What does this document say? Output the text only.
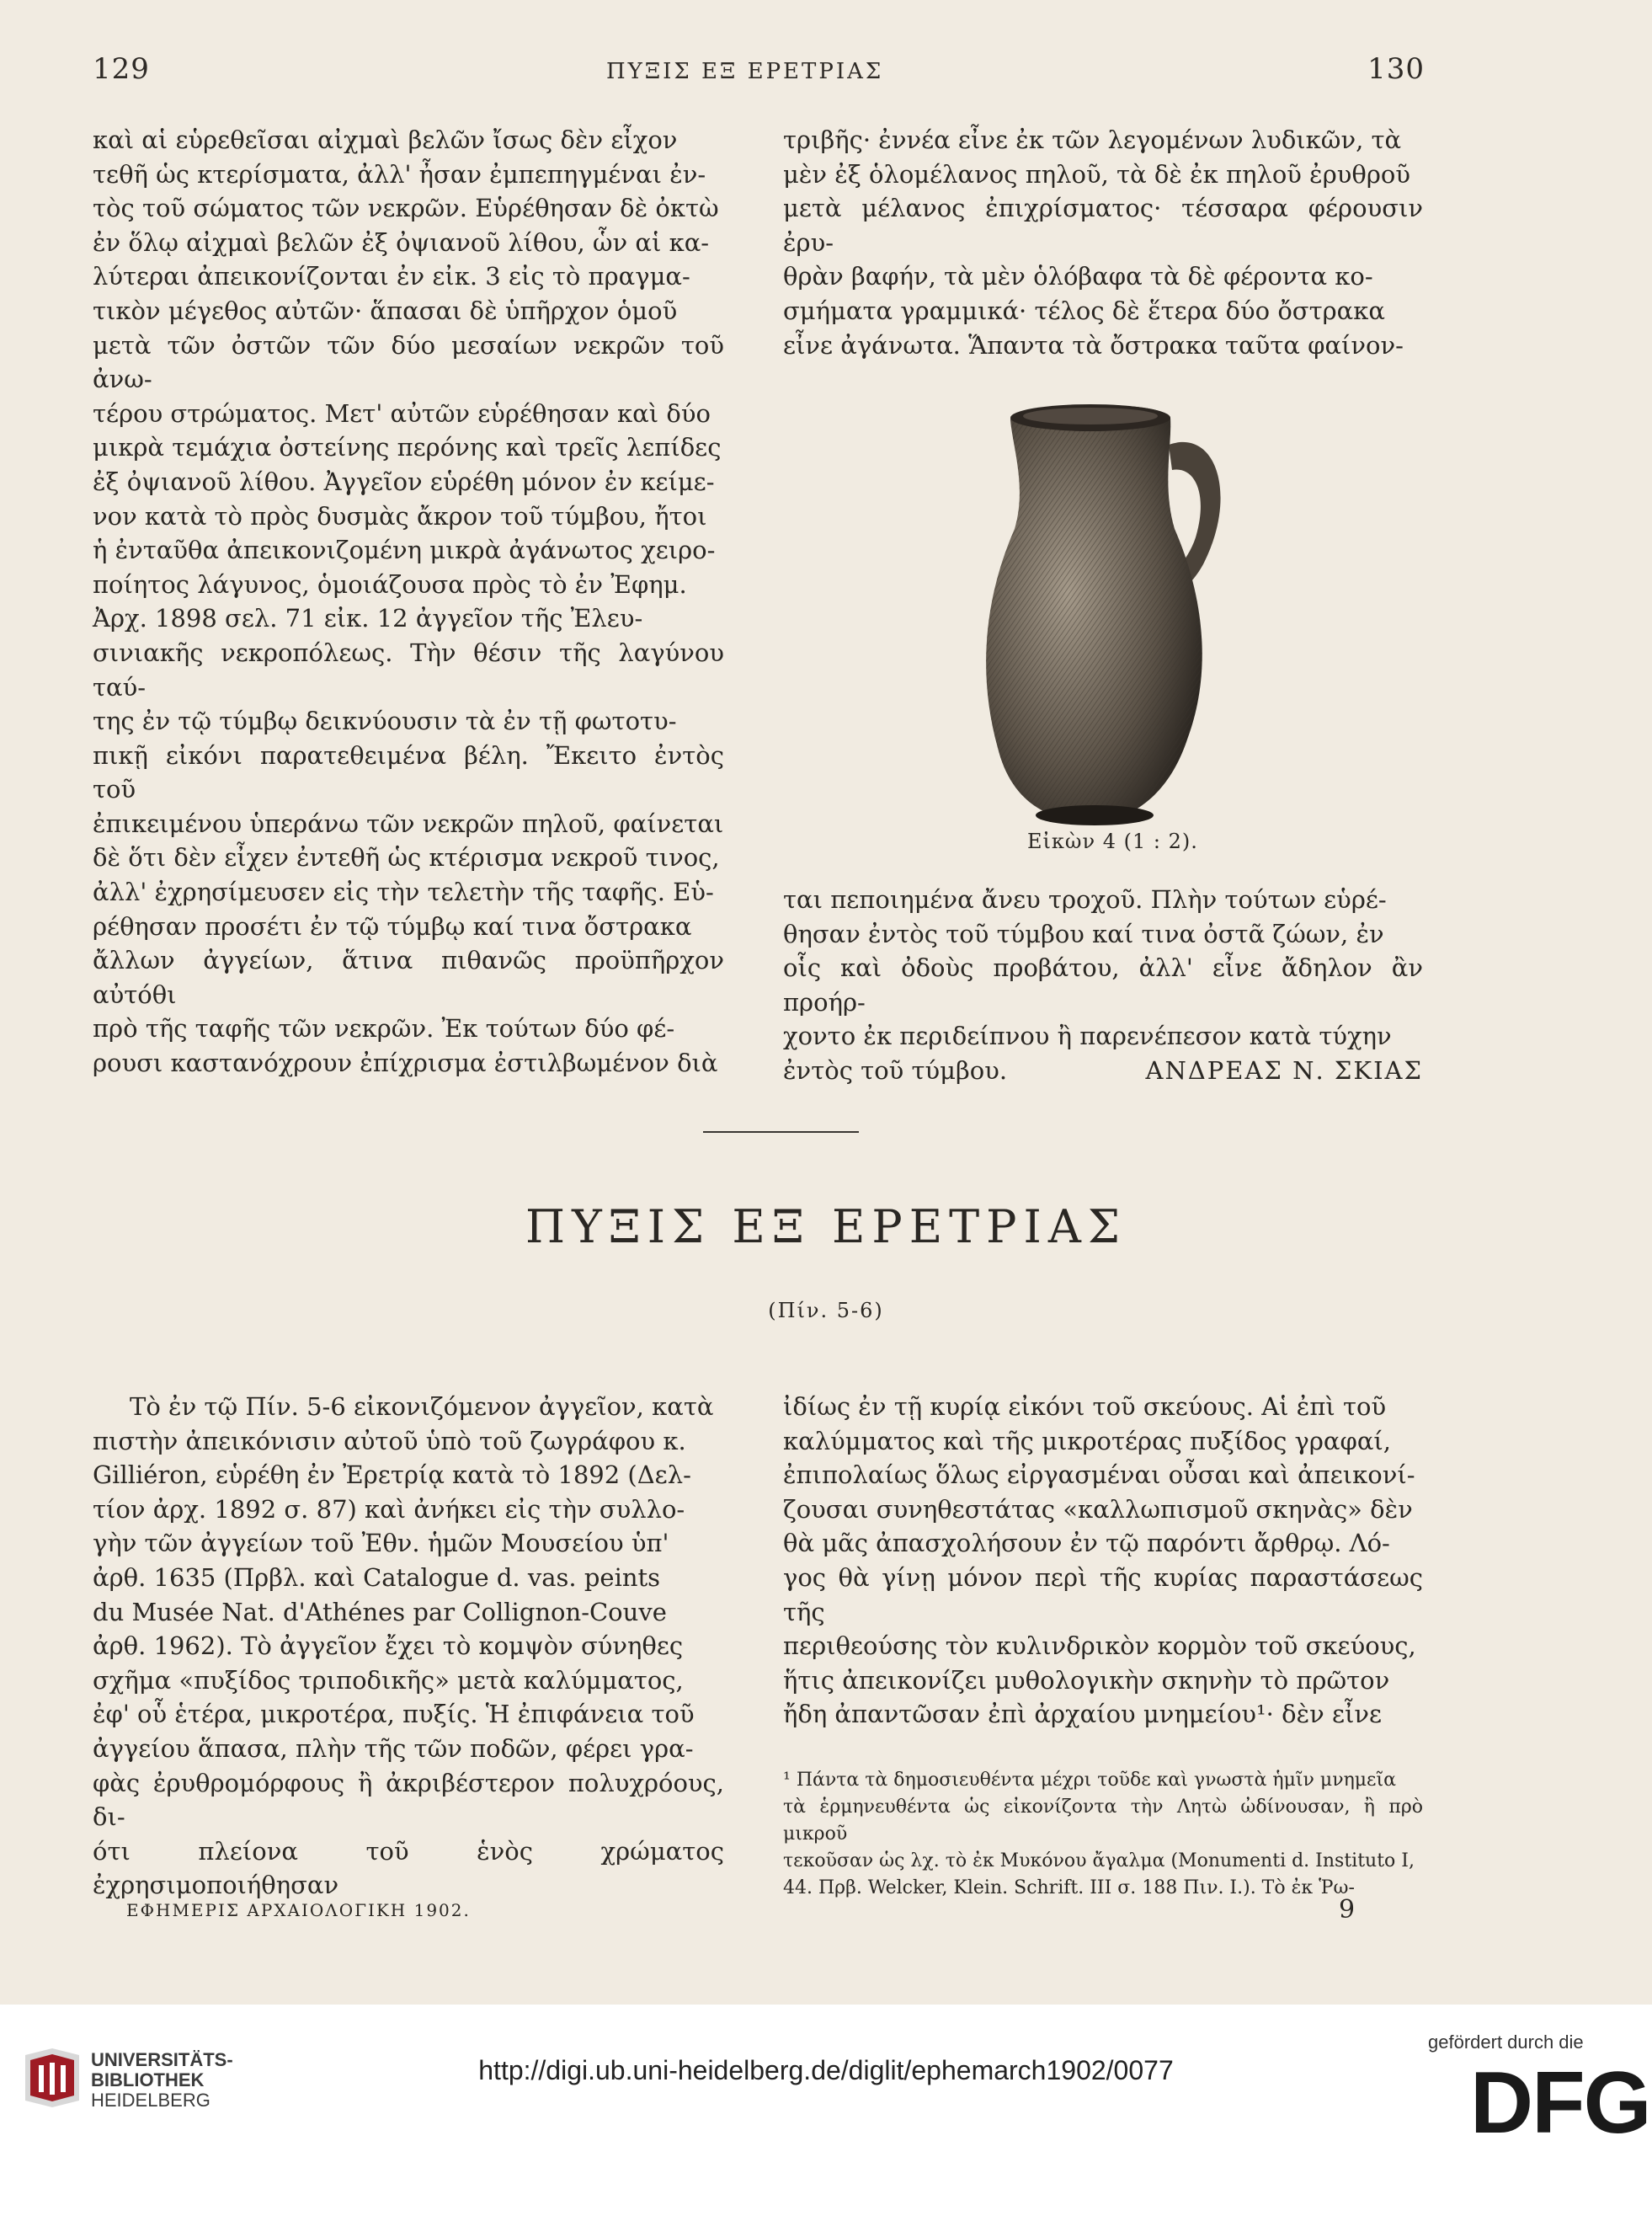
129	ΠΥΞΙΣ ΕΞ ΕΡΕΤΡΙΑΣ	130

καὶ αἱ εὑρεθεῖσαι αἰχμαὶ βελῶν ἴσως δὲν εἶχον

τεθῆ ὡς κτερίσματα, ἀλλ' ἦσαν ἐμπεπηγμέναι ἐν-

τὸς τοῦ σώματος τῶν νεκρῶν. Εὑρέθησαν δὲ ὀκτὼ

ἐν ὅλῳ αἰχμαὶ βελῶν ἐξ ὀψιανοῦ λίθου, ὧν αἱ κα-

λύτεραι ἀπεικονίζονται ἐν εἰκ. 3 εἰς τὸ πραγμα-

τικὸν μέγεθος αὐτῶν· ἅπασαι δὲ ὑπῆρχον ὁμοῦ

μετὰ τῶν ὀστῶν τῶν δύο μεσαίων νεκρῶν τοῦ ἀνω-

τέρου στρώματος. Μετ' αὐτῶν εὑρέθησαν καὶ δύο

μικρὰ τεμάχια ὀστείνης περόνης καὶ τρεῖς λεπίδες

ἐξ ὀψιανοῦ λίθου. Ἀγγεῖον εὑρέθη μόνον ἐν κείμε-

νον κατὰ τὸ πρὸς δυσμὰς ἄκρον τοῦ τύμβου, ἤτοι

ἡ ἐνταῦθα ἀπεικονιζομένη μικρὰ ἀγάνωτος χειρο-

ποίητος λάγυνος, ὁμοιάζουσα πρὸς τὸ ἐν Ἐφημ.

Ἀρχ. 1898 σελ. 71 εἰκ. 12 ἀγγεῖον τῆς Ἐλευ-

σινιακῆς νεκροπόλεως. Τὴν θέσιν τῆς λαγύνου ταύ-

της ἐν τῷ τύμβῳ δεικνύουσιν τὰ ἐν τῇ φωτοτυ-

πικῇ εἰκόνι παρατεθειμένα βέλη. Ἔκειτο ἐντὸς τοῦ

ἐπικειμένου ὑπεράνω τῶν νεκρῶν πηλοῦ, φαίνεται

δὲ ὅτι δὲν εἶχεν ἐντεθῆ ὡς κτέρισμα νεκροῦ τινος,

ἀλλ' ἐχρησίμευσεν εἰς τὴν τελετὴν τῆς ταφῆς. Εὑ-

ρέθησαν προσέτι ἐν τῷ τύμβῳ καί τινα ὄστρακα

ἄλλων ἀγγείων, ἅτινα πιθανῶς προϋπῆρχον αὐτόθι

πρὸ τῆς ταφῆς τῶν νεκρῶν. Ἐκ τούτων δύο φέ-

ρουσι καστανόχρουν ἐπίχρισμα ἐστιλβωμένον διὰ

τριβῆς· ἐννέα εἶνε ἐκ τῶν λεγομένων λυδικῶν, τὰ

μὲν ἐξ ὁλομέλανος πηλοῦ, τὰ δὲ ἐκ πηλοῦ ἐρυθροῦ

μετὰ μέλανος ἐπιχρίσματος· τέσσαρα φέρουσιν ἐρυ-

θρὰν βαφήν, τὰ μὲν ὁλόβαφα τὰ δὲ φέροντα κο-

σμήματα γραμμικά· τέλος δὲ ἕτερα δύο ὄστρακα

εἶνε ἀγάνωτα. Ἅπαντα τὰ ὄστρακα ταῦτα φαίνον-

Εἰκὼν 4 (1 : 2).

ται πεποιημένα ἄνευ τροχοῦ. Πλὴν τούτων εὑρέ-

θησαν ἐντὸς τοῦ τύμβου καί τινα ὀστᾶ ζώων, ἐν

οἷς καὶ ὀδοὺς προβάτου, ἀλλ' εἶνε ἄδηλον ἂν προήρ-

χοντο ἐκ περιδείπνου ἢ παρενέπεσον κατὰ τύχην

ἐντὸς τοῦ τύμβου.	ΑΝΔΡΕΑΣ Ν. ΣΚΙΑΣ

ΠΥΞΙΣ ΕΞ ΕΡΕΤΡΙΑΣ
(Πίν. 5-6)

Τὸ ἐν τῷ Πίν. 5-6 εἰκονιζόμενον ἀγγεῖον, κατὰ

πιστὴν ἀπεικόνισιν αὐτοῦ ὑπὸ τοῦ ζωγράφου κ.

Gilliéron, εὑρέθη ἐν Ἐρετρίᾳ κατὰ τὸ 1892 (Δελ-

τίον ἀρχ. 1892 σ. 87) καὶ ἀνήκει εἰς τὴν συλλο-

γὴν τῶν ἀγγείων τοῦ Ἐθν. ἡμῶν Μουσείου ὑπ'

ἀρθ. 1635 (Πρβλ. καὶ Catalogue d. vas. peints

du Musée Nat. d'Athénes par Collignon-Couve

ἀρθ. 1962). Τὸ ἀγγεῖον ἔχει τὸ κομψὸν σύνηθες

σχῆμα «πυξίδος τριποδικῆς» μετὰ καλύμματος,

ἐφ' οὗ ἑτέρα, μικροτέρα, πυξίς. Ἡ ἐπιφάνεια τοῦ

ἀγγείου ἅπασα, πλὴν τῆς τῶν ποδῶν, φέρει γρα-

φὰς ἐρυθρομόρφους ἢ ἀκριβέστερον πολυχρόους, δι-

ότι πλείονα τοῦ ἑνὸς χρώματος ἐχρησιμοποιήθησαν

ἰδίως ἐν τῇ κυρίᾳ εἰκόνι τοῦ σκεύους. Αἱ ἐπὶ τοῦ

καλύμματος καὶ τῆς μικροτέρας πυξίδος γραφαί,

ἐπιπολαίως ὅλως εἰργασμέναι οὖσαι καὶ ἀπεικονί-

ζουσαι συνηθεστάτας «καλλωπισμοῦ σκηνὰς» δὲν

θὰ μᾶς ἀπασχολήσουν ἐν τῷ παρόντι ἄρθρῳ. Λό-

γος θὰ γίνῃ μόνον περὶ τῆς κυρίας παραστάσεως τῆς

περιθεούσης τὸν κυλινδρικὸν κορμὸν τοῦ σκεύους,

ἥτις ἀπεικονίζει μυθολογικὴν σκηνὴν τὸ πρῶτον

ἤδη ἀπαντῶσαν ἐπὶ ἀρχαίου μνημείου¹· δὲν εἶνε

¹ Πάντα τὰ δημοσιευθέντα μέχρι τοῦδε καὶ γνωστὰ ἡμῖν μνημεῖα
τὰ ἑρμηνευθέντα ὡς εἰκονίζοντα τὴν Λητὼ ὠδίνουσαν, ἢ πρὸ μικροῦ
τεκοῦσαν ὡς λχ. τὸ ἐκ Μυκόνου ἄγαλμα (Monumenti d. Instituto I,
44. Πρβ. Welcker, Klein. Schrift. III σ. 188 Πιν. I.). Τὸ ἐκ Ῥω-
ΕΦΗΜΕΡΙΣ ΑΡΧΑΙΟΛΟΓΙΚΗ 1902.	9
UNIVERSITÄTS-
BIBLIOTHEK
HEIDELBERG
http://digi.ub.uni-heidelberg.de/diglit/ephemarch1902/0077
gefördert durch die
DFG
